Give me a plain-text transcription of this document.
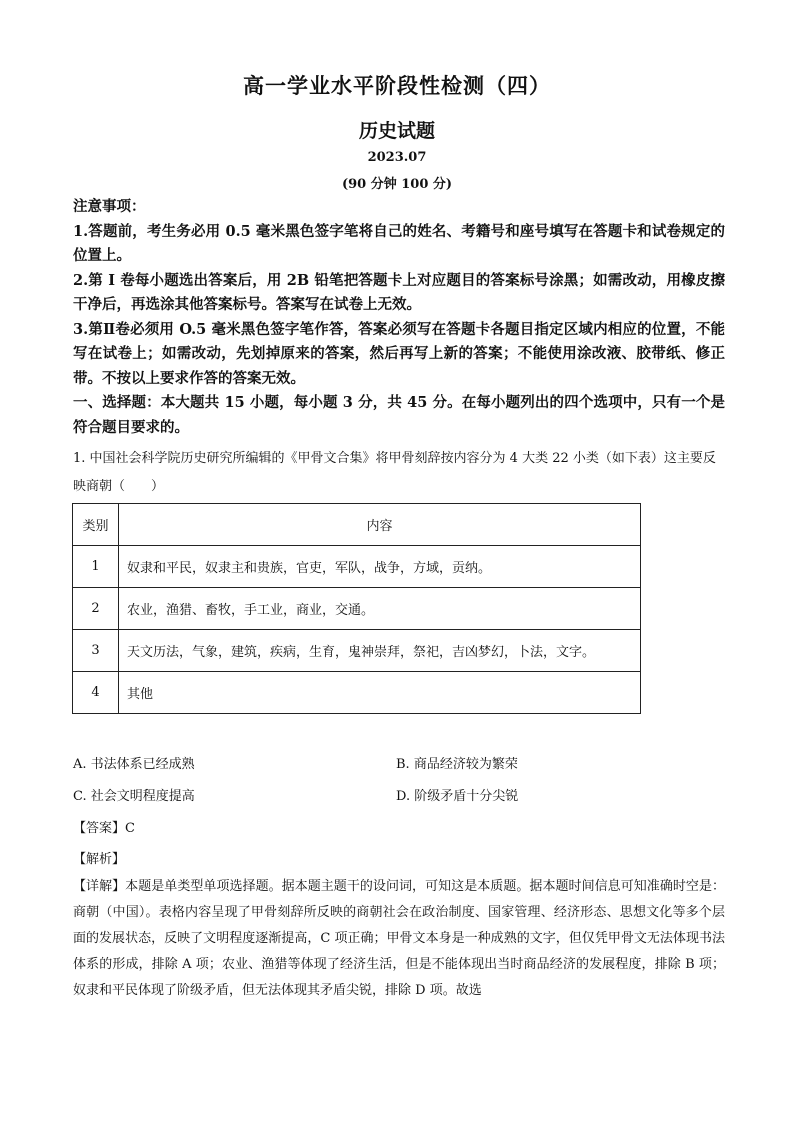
高一学业水平阶段性检测（四）
历史试题
2023.07
(90 分钟 100 分)

注意事项：

1.答题前，考生务必用 0.5 毫米黑色签字笔将自己的姓名、考籍号和座号填写在答题卡和试卷规定的位置上。

2.第 I 卷每小题选出答案后，用 2B 铅笔把答题卡上对应题目的答案标号涂黑；如需改动，用橡皮擦干净后，再选涂其他答案标号。答案写在试卷上无效。

3.第Ⅱ卷必须用 O.5 毫米黑色签字笔作答，答案必须写在答题卡各题目指定区域内相应的位置，不能写在试卷上；如需改动，先划掉原来的答案，然后再写上新的答案；不能使用涂改液、胶带纸、修正带。不按以上要求作答的答案无效。

一、选择题：本大题共 15 小题，每小题 3 分，共 45 分。在每小题列出的四个选项中，只有一个是符合题目要求的。

1. 中国社会科学院历史研究所编辑的《甲骨文合集》将甲骨刻辞按内容分为 4 大类 22 小类（如下表）这主要反映商朝（　　）
类别	内容
1	奴隶和平民，奴隶主和贵族，官吏，军队，战争，方域，贡纳。
2	农业，渔猎、畜牧，手工业，商业，交通。
3	天文历法，气象，建筑，疾病，生育，鬼神崇拜，祭祀，吉凶梦幻，卜法，文字。
4	其他
A. 书法体系已经成熟	B. 商品经济较为繁荣
C. 社会文明程度提高	D. 阶级矛盾十分尖锐
【答案】C
【解析】

【详解】本题是单类型单项选择题。据本题主题干的设问词，可知这是本质题。据本题时间信息可知准确时空是：商朝（中国）。表格内容呈现了甲骨刻辞所反映的商朝社会在政治制度、国家管理、经济形态、思想文化等多个层面的发展状态，反映了文明程度逐渐提高，C 项正确；甲骨文本身是一种成熟的文字，但仅凭甲骨文无法体现书法体系的形成，排除 A 项；农业、渔猎等体现了经济生活，但是不能体现出当时商品经济的发展程度，排除 B 项；奴隶和平民体现了阶级矛盾，但无法体现其矛盾尖锐，排除 D 项。故选
